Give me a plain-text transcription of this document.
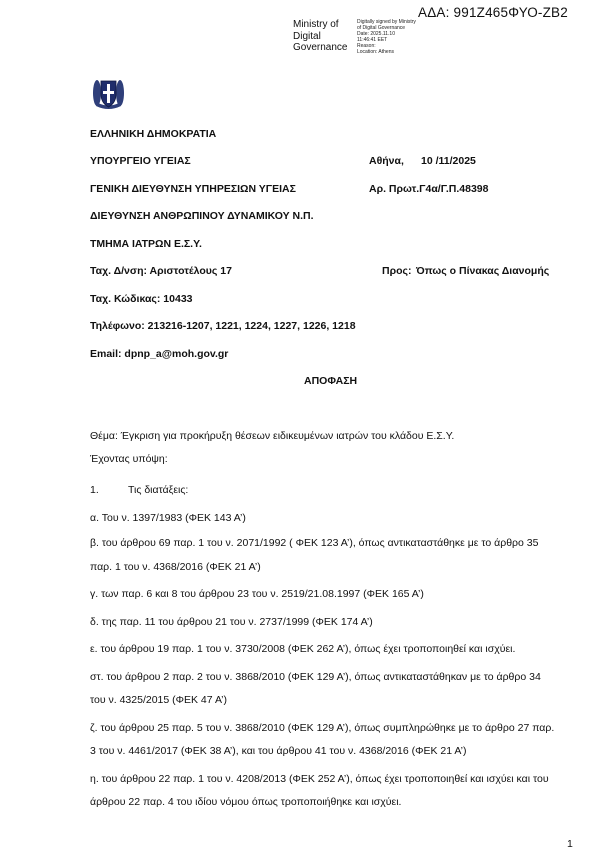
ΑΔΑ: 991Ζ465ΦΥΟ-ΖΒ2
Ministry of
Digital
Governance
Digitally signed by Ministry
of Digital Governance
Date: 2025.11.10
11:46:41 EET
Reason:
Location: Athens
ΕΛΛΗΝΙΚΗ ΔΗΜΟΚΡΑΤΙΑ
ΥΠΟΥΡΓΕΙΟ ΥΓΕΙΑΣ	Αθήνα, 10 /11/2025
ΓΕΝΙΚΗ ΔΙΕΥΘΥΝΣΗ ΥΠΗΡΕΣΙΩΝ ΥΓΕΙΑΣ	Αρ. Πρωτ.Γ4α/Γ.Π.48398
ΔΙΕΥΘΥΝΣΗ ΑΝΘΡΩΠΙΝΟΥ ΔΥΝΑΜΙΚΟΥ Ν.Π.
ΤΜΗΜΑ ΙΑΤΡΩΝ Ε.Σ.Υ.
Ταχ. Δ/νση: Αριστοτέλους 17	Προς: Όπως ο Πίνακας Διανομής
Ταχ. Κώδικας: 10433
Τηλέφωνο: 213216-1207, 1221, 1224, 1227, 1226, 1218
Email: dpnp_a@moh.gov.gr
ΑΠΟΦΑΣΗ
Θέμα: Έγκριση για προκήρυξη θέσεων ειδικευμένων ιατρών του κλάδου Ε.Σ.Υ.
Έχοντας υπόψη:
1.	Τις διατάξεις:
α. Του ν. 1397/1983 (ΦΕΚ 143 Α’)
β. του άρθρου 69 παρ. 1 του ν. 2071/1992 ( ΦΕΚ 123 Α’), όπως αντικαταστάθηκε με το άρθρο 35
παρ. 1 του ν. 4368/2016 (ΦΕΚ 21 Α’)
γ. των παρ. 6 και 8 του άρθρου 23 του ν. 2519/21.08.1997 (ΦΕΚ 165 Α’)
δ. της παρ. 11 του άρθρου 21 του ν. 2737/1999 (ΦΕΚ 174 Α’)
ε. του άρθρου 19 παρ. 1 του ν. 3730/2008 (ΦΕΚ 262 Α’), όπως έχει τροποποιηθεί και ισχύει.
στ. του άρθρου 2 παρ. 2 του ν. 3868/2010 (ΦΕΚ 129 Α’), όπως αντικαταστάθηκαν με το άρθρο 34
του ν. 4325/2015 (ΦΕΚ 47 Α’)
ζ. του άρθρου 25 παρ. 5 του ν. 3868/2010 (ΦΕΚ 129 Α’), όπως συμπληρώθηκε με το άρθρο 27 παρ.
3 του ν. 4461/2017 (ΦΕΚ 38 Α’), και του άρθρου 41 του ν. 4368/2016 (ΦΕΚ 21 Α’)
η. του άρθρου 22 παρ. 1 του ν. 4208/2013 (ΦΕΚ 252 Α’), όπως έχει τροποποιηθεί και ισχύει και του
άρθρου 22 παρ. 4 του ιδίου νόμου όπως τροποποιήθηκε και ισχύει.
1
